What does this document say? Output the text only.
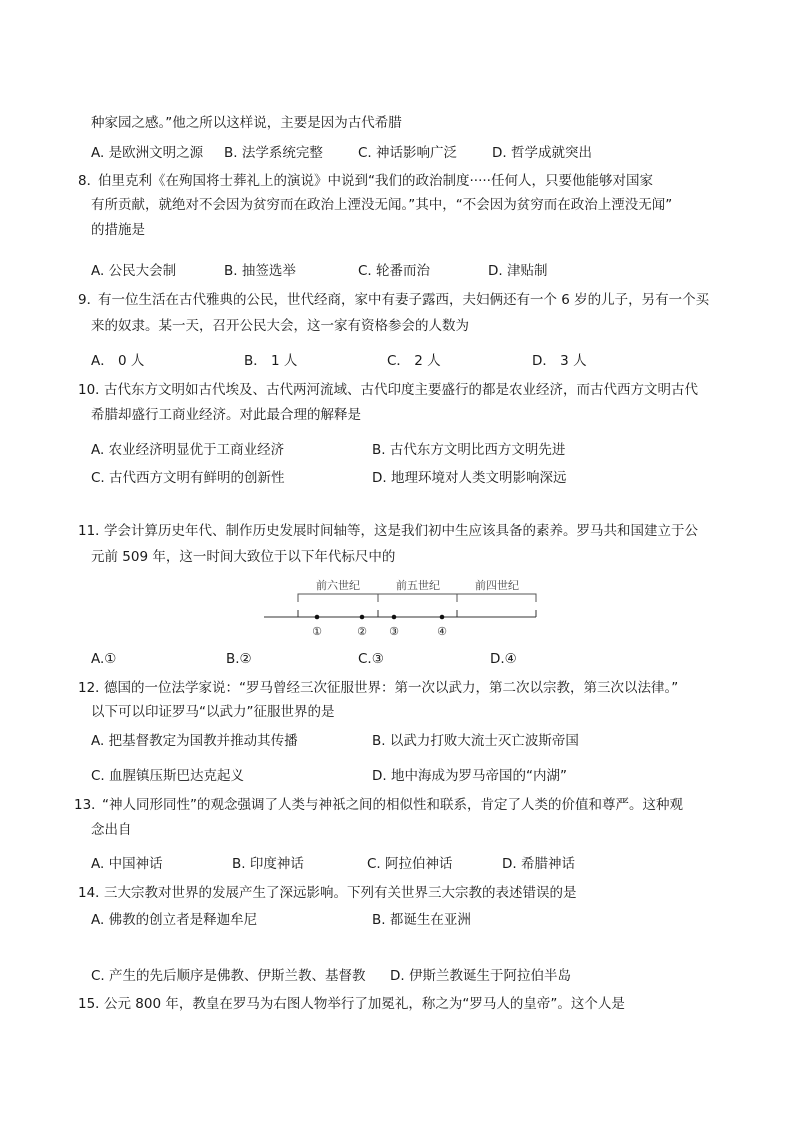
种家园之感。”他之所以这样说，主要是因为古代希腊
A. 是欧洲文明之源 B. 法学系统完整	C. 神话影响广泛	D. 哲学成就突出
8．
伯里克利《在殉国将士葬礼上的演说》中说到“我们的政治制度·····任何人，只要他能够对国家
有所贡献，就绝对不会因为贫穷而在政治上湮没无闻。”其中，“不会因为贫穷而在政治上湮没无闻”
的措施是
A. 公民大会制	B. 抽签选举	C. 轮番而治	D. 津贴制
9．
有一位生活在古代雅典的公民，世代经商，家中有妻子露西，夫妇俩还有一个 6 岁的儿子，另有一个买
来的奴隶。某一天，召开公民大会，这一家有资格参会的人数为
A． 0 人	B． 1 人	C． 2 人	D． 3 人
10．
古代东方文明如古代埃及、古代两河流域、古代印度主要盛行的都是农业经济，而古代西方文明古代
希腊却盛行工商业经济。对此最合理的解释是
A. 农业经济明显优于工商业经济	B. 古代东方文明比西方文明先进
C. 古代西方文明有鲜明的创新性	D. 地理环境对人类文明影响深远
11．
学会计算历史年代、制作历史发展时间轴等，这是我们初中生应该具备的素养。罗马共和国建立于公
元前 509 年，这一时间大致位于以下年代标尺中的
前六世纪	前五世纪	前四世纪
①	② ③	④
A.①	B.②	C.③	D.④
12．
德国的一位法学家说：“罗马曾经三次征服世界：第一次以武力，第二次以宗教，第三次以法律。”
以下可以印证罗马“以武力”征服世界的是
A. 把基督教定为国教并推动其传播	B. 以武力打败大流士灭亡波斯帝国
C. 血腥镇压斯巴达克起义	D. 地中海成为罗马帝国的“内湖”
13．
“神人同形同性”的观念强调了人类与神祇之间的相似性和联系，肯定了人类的价值和尊严。这种观
念出自
A. 中国神话	B. 印度神话	C. 阿拉伯神话	D. 希腊神话
14．
三大宗教对世界的发展产生了深远影响。下列有关世界三大宗教的表述错误的是
A. 佛教的创立者是释迦牟尼	B. 都诞生在亚洲
C. 产生的先后顺序是佛教、伊斯兰教、基督教 D. 伊斯兰教诞生于阿拉伯半岛
15．
公元 800 年，教皇在罗马为右图人物举行了加冕礼，称之为“罗马人的皇帝”。这个人是
